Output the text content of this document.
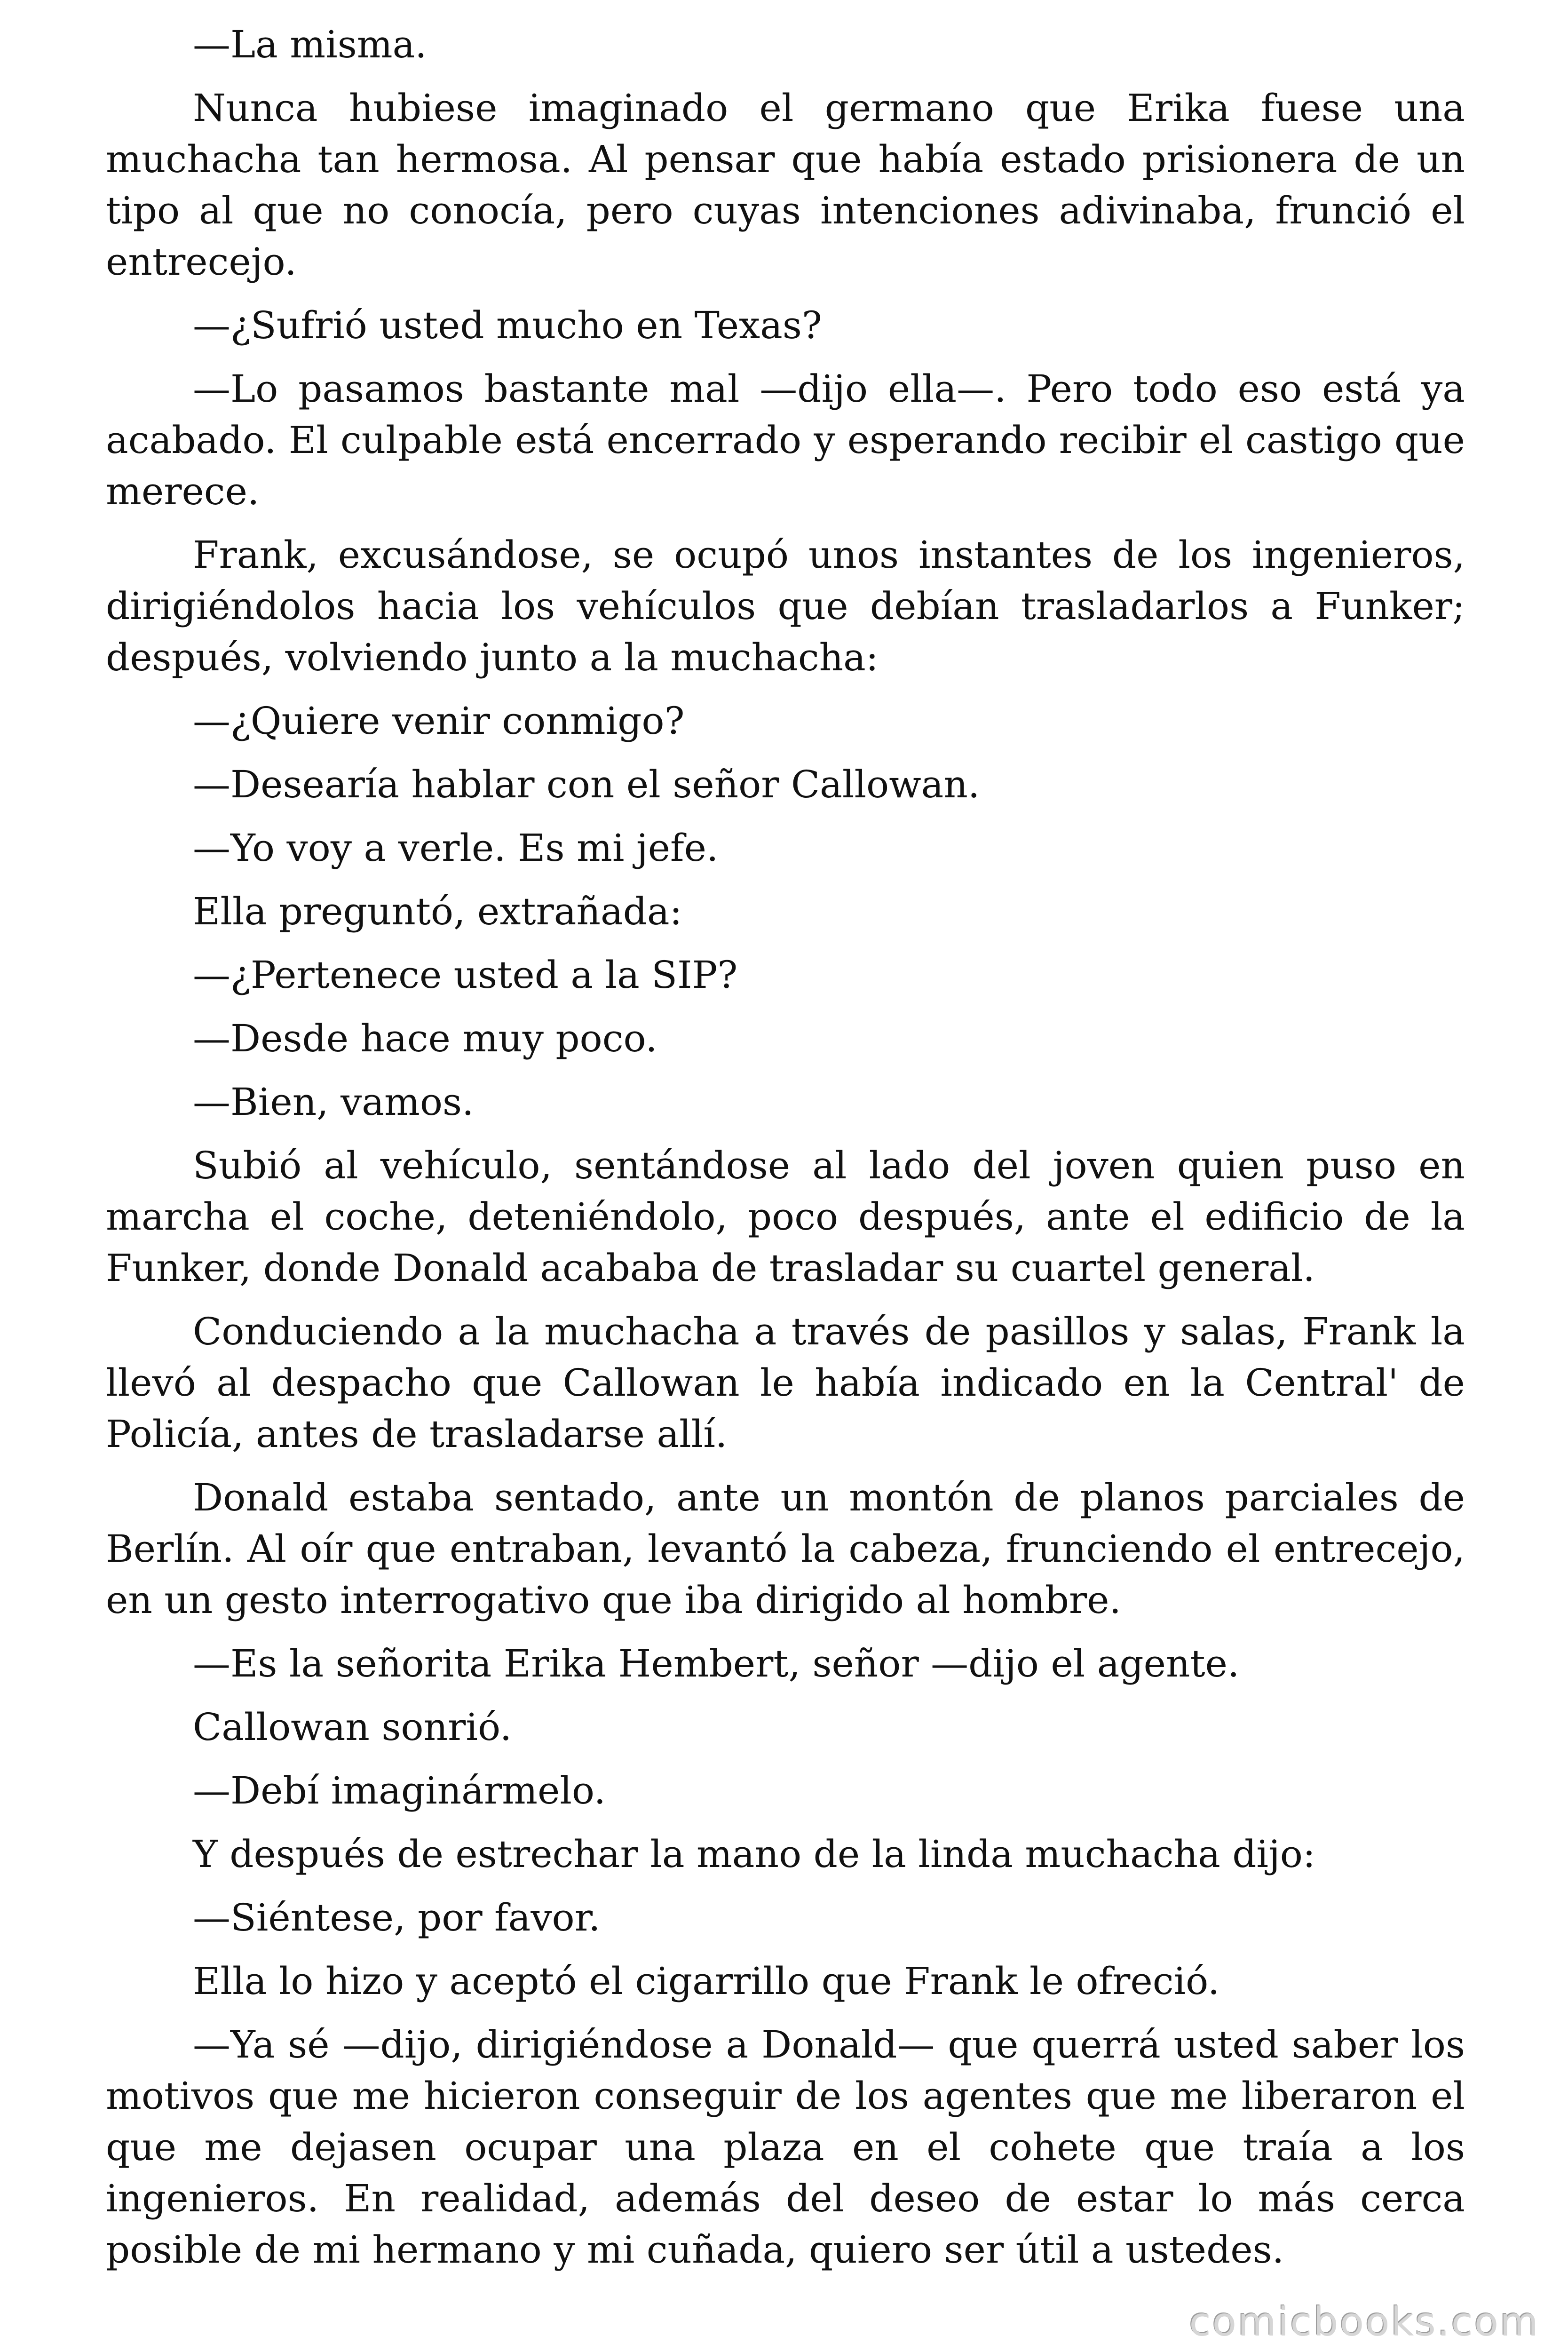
—La misma.

Nunca hubiese imaginado el germano que Erika fuese una muchacha tan hermosa. Al pensar que había estado prisionera de un tipo al que no conocía, pero cuyas intenciones adivinaba, frunció el entrecejo.

—¿Sufrió usted mucho en Texas?

—Lo pasamos bastante mal —dijo ella—. Pero todo eso está ya acabado. El culpable está encerrado y esperando recibir el castigo que merece.

Frank, excusándose, se ocupó unos instantes de los ingenieros, dirigiéndolos hacia los vehículos que debían trasladarlos a Funker; después, volviendo junto a la muchacha:

—¿Quiere venir conmigo?

—Desearía hablar con el señor Callowan.

—Yo voy a verle. Es mi jefe.

Ella preguntó, extrañada:

—¿Pertenece usted a la SIP?

—Desde hace muy poco.

—Bien, vamos.

Subió al vehículo, sentándose al lado del joven quien puso en marcha el coche, deteniéndolo, poco después, ante el edificio de la Funker, donde Donald acababa de trasladar su cuartel general.

Conduciendo a la muchacha a través de pasillos y salas, Frank la llevó al despacho que Callowan le había indicado en la Central' de Policía, antes de trasladarse allí.

Donald estaba sentado, ante un montón de planos parciales de Berlín. Al oír que entraban, levantó la cabeza, frunciendo el entrecejo, en un gesto interrogativo que iba dirigido al hombre.

—Es la señorita Erika Hembert, señor —dijo el agente.

Callowan sonrió.

—Debí imaginármelo.

Y después de estrechar la mano de la linda muchacha dijo:

—Siéntese, por favor.

Ella lo hizo y aceptó el cigarrillo que Frank le ofreció.

—Ya sé —dijo, dirigiéndose a Donald— que querrá usted saber los motivos que me hicieron conseguir de los agentes que me liberaron el que me dejasen ocupar una plaza en el cohete que traía a los ingenieros. En realidad, además del deseo de estar lo más cerca posible de mi hermano y mi cuñada, quiero ser útil a ustedes.

comicbooks.com
